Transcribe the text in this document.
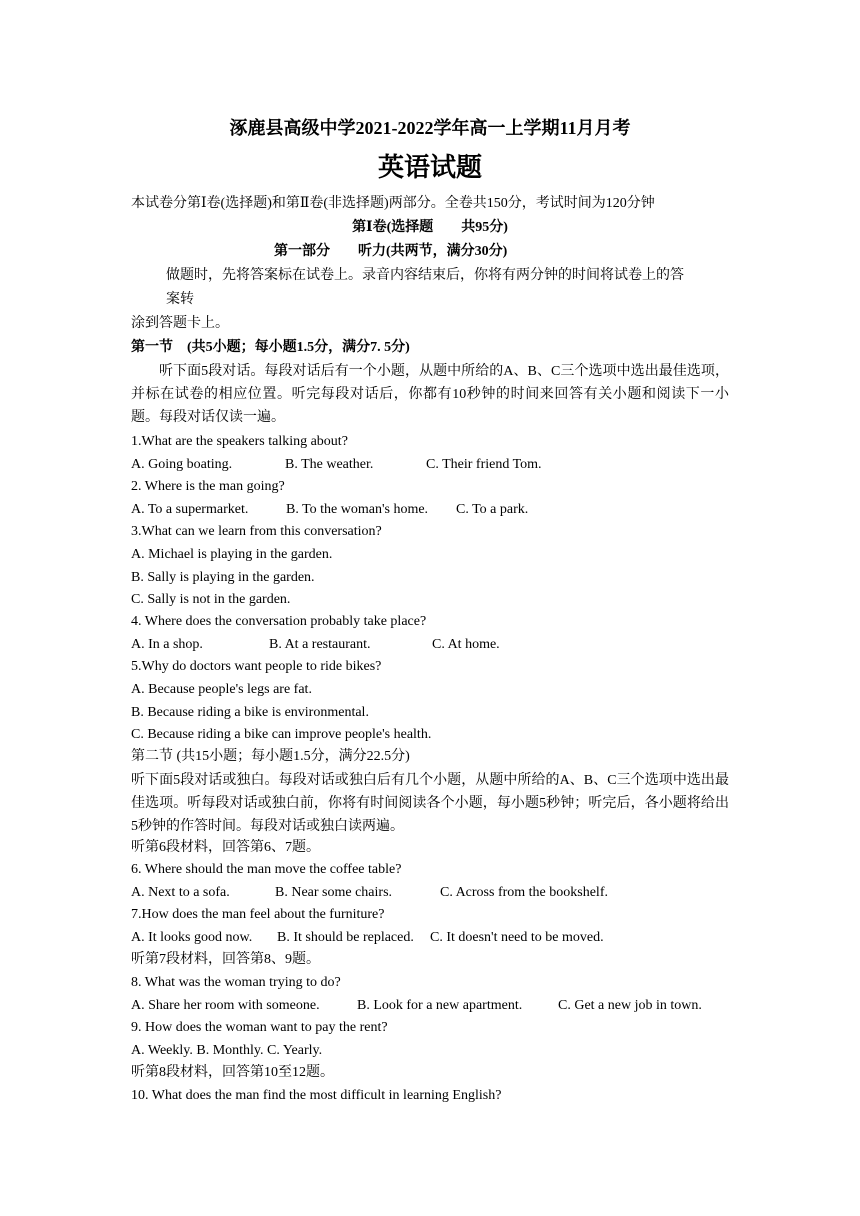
涿鹿县高级中学2021-2022学年高一上学期11月月考
英语试题
本试卷分第Ⅰ卷(选择题)和第Ⅱ卷(非选择题)两部分。全卷共150分，考试时间为120分钟
第Ⅰ卷(选择题　　共95分)
第一部分　　听力(共两节，满分30分)
做题时，先将答案标在试卷上。录音内容结束后，你将有两分钟的时间将试卷上的答
案转
涂到答题卡上。
第一节　(共5小题；每小题1.5分，满分7. 5分)
听下面5段对话。每段对话后有一个小题，从题中所给的A、B、C三个选项中选出最佳选项，并标在试卷的相应位置。听完每段对话后，你都有10秒钟的时间来回答有关小题和阅读下一小题。每段对话仅读一遍。
1.What are the speakers talking about?
A. Going boating.	B. The weather.	C. Their friend Tom.
2. Where is the man going?
A. To a supermarket.	B. To the woman's home. C. To a park.
3.What can we learn from this conversation?
A. Michael is playing in the garden.
B. Sally is playing in the garden.
C. Sally is not in the garden.
4. Where does the conversation probably take place?
A. In a shop.	B. At a restaurant.	C. At home.
5.Why do doctors want people to ride bikes?
A. Because people's legs are fat.
B. Because riding a bike is environmental.
C. Because riding a bike can improve people's health.
第二节 (共15小题；每小题1.5分，满分22.5分)
听下面5段对话或独白。每段对话或独白后有几个小题，从题中所给的A、B、C三个选项中选出最佳选项。听每段对话或独白前，你将有时间阅读各个小题，每小题5秒钟；听完后，各小题将给出5秒钟的作答时间。每段对话或独白读两遍。
听第6段材料，回答第6、7题。
6. Where should the man move the coffee table?
A. Next to a sofa.	B. Near some chairs.	C. Across from the bookshelf.
7.How does the man feel about the furniture?
A. It looks good now. B. It should be replaced. C. It doesn't need to be moved.
听第7段材料，回答第8、9题。
8. What was the woman trying to do?
A. Share her room with someone.	B. Look for a new apartment.	C. Get a new job in town.
9. How does the woman want to pay the rent?
A. Weekly. B. Monthly. C. Yearly.
听第8段材料，回答第10至12题。
10. What does the man find the most difficult in learning English?
